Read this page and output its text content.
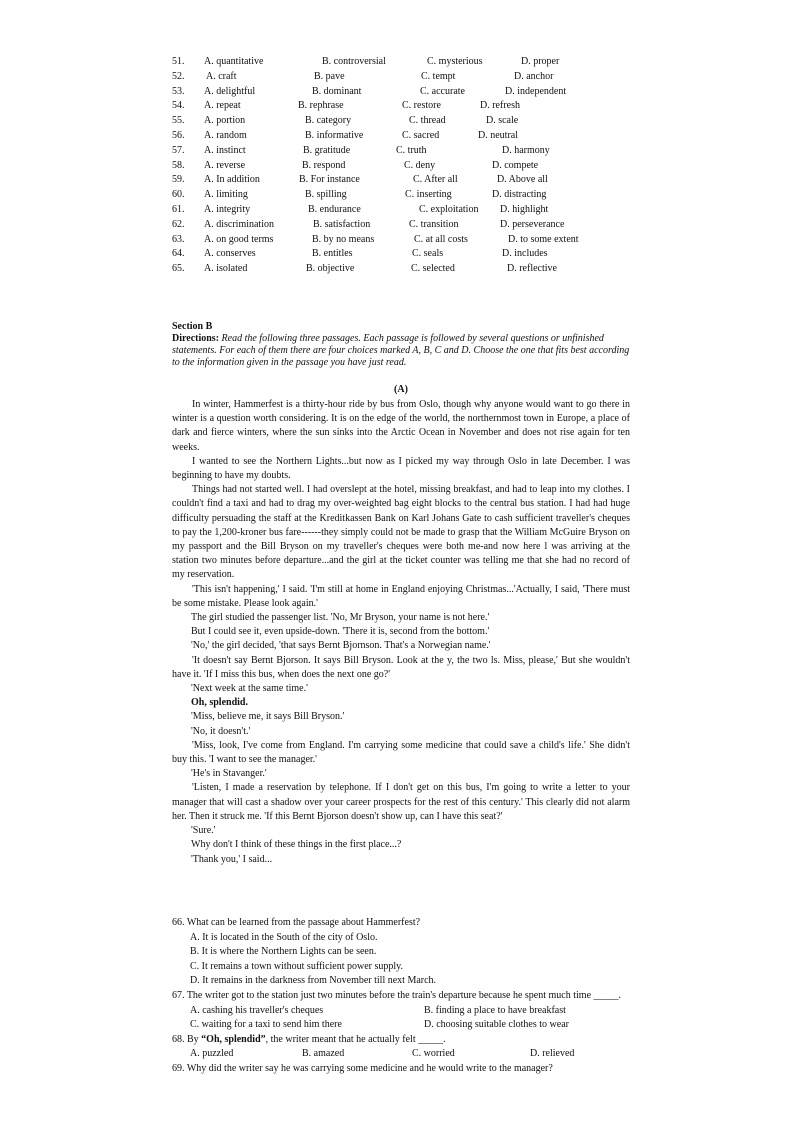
51. A. quantitative	B. controversial	C. mysterious	D. proper
52. A. craft	B. pave	C. tempt	D. anchor
53. A. delightful	B. dominant	C. accurate	D. independent
54. A. repeat	B. rephrase	C. restore	D. refresh
55. A. portion	B. category	C. thread	D. scale
56. A. random	B. informative	C. sacred	D. neutral
57. A. instinct	B. gratitude	C. truth	D. harmony
58. A. reverse	B. respond	C. deny	D. compete
59. A. In addition	B. For instance	C. After all	D. Above all
60. A. limiting	B. spilling	C. inserting	D. distracting
61. A. integrity	B. endurance	C. exploitation D. highlight
62. A. discrimination	B. satisfaction	C. transition	D. perseverance
63. A. on good terms	B. by no means	C. at all costs	D. to some extent
64. A. conserves	B. entitles	C. seals	D. includes
65. A. isolated	B. objective	C. selected	D. reflective
Section B
Directions: Read the following three passages. Each passage is followed by several questions or unfinished statements. For each of them there are four choices marked A, B, C and D. Choose the one that fits best according to the information given in the passage you have just read.
(A)

In winter, Hammerfest is a thirty-hour ride by bus from Oslo, though why anyone would want to go there in winter is a question worth considering. It is on the edge of the world, the northernmost town in Europe, a place of dark and fierce winters, where the sun sinks into the Arctic Ocean in November and does not rise again for ten weeks.

I wanted to see the Northern Lights...but now as I picked my way through Oslo in late December. I was beginning to have my doubts.

Things had not started well. I had overslept at the hotel, missing breakfast, and had to leap into my clothes. I couldn't find a taxi and had to drag my over-weighted bag eight blocks to the central bus station. I had had huge difficulty persuading the staff at the Kreditkassen Bank on Karl Johans Gate to cash sufficient traveller's cheques to pay the 1,200-kroner bus fare------they simply could not be made to grasp that the William McGuire Bryson on my passport and the Bill Bryson on my traveller's cheques were both me-and now here l was arriving at the station two minutes before departure...and the girl at the ticket counter was telling me that she had no record of my reservation.

'This isn't happening,' I said. 'I'm still at home in England enjoying Christmas...'Actually, I said, 'There must be some mistake. Please look again.'

The girl studied the passenger list. 'No, Mr Bryson, your name is not here.'

But I could see it, even upside-down. 'There it is, second from the bottom.'

'No,' the girl decided, 'that says Bernt Bjornson. That's a Norwegian name.'

'It doesn't say Bernt Bjorson. It says Bill Bryson. Look at the y, the two ls. Miss, please,' But she wouldn't have it. 'If I miss this bus, when does the next one go?'

'Next week at the same time.'

Oh, splendid.

'Miss, believe me, it says Bill Bryson.'

'No, it doesn't.'

'Miss, look, I've come from England. I'm carrying some medicine that could save a child's life.' She didn't buy this. 'I want to see the manager.'

'He's in Stavanger.'

'Listen, I made a reservation by telephone. If I don't get on this bus, I'm going to write a letter to your manager that will cast a shadow over your career prospects for the rest of this century.' This clearly did not alarm her. Then it struck me. 'If this Bernt Bjorson doesn't show up, can I have this seat?'

'Sure.'

Why don't I think of these things in the first place...?

'Thank you,' I said...

66. What can be learned from the passage about Hammerfest?

A. It is located in the South of the city of Oslo.

B. It is where the Northern Lights can be seen.

C. It remains a town without sufficient power supply.

D. It remains in the darkness from November till next March.

67. The writer got to the station just two minutes before the train's departure because he spent much time _____.

A. cashing his traveller's cheques	B. finding a place to have breakfast
C. waiting for a taxi to send him there	D. choosing suitable clothes to wear

68. By “Oh, splendid”, the writer meant that he actually felt _____.

A. puzzled	B. amazed	C. worried	D. relieved

69. Why did the writer say he was carrying some medicine and he would write to the manager?
